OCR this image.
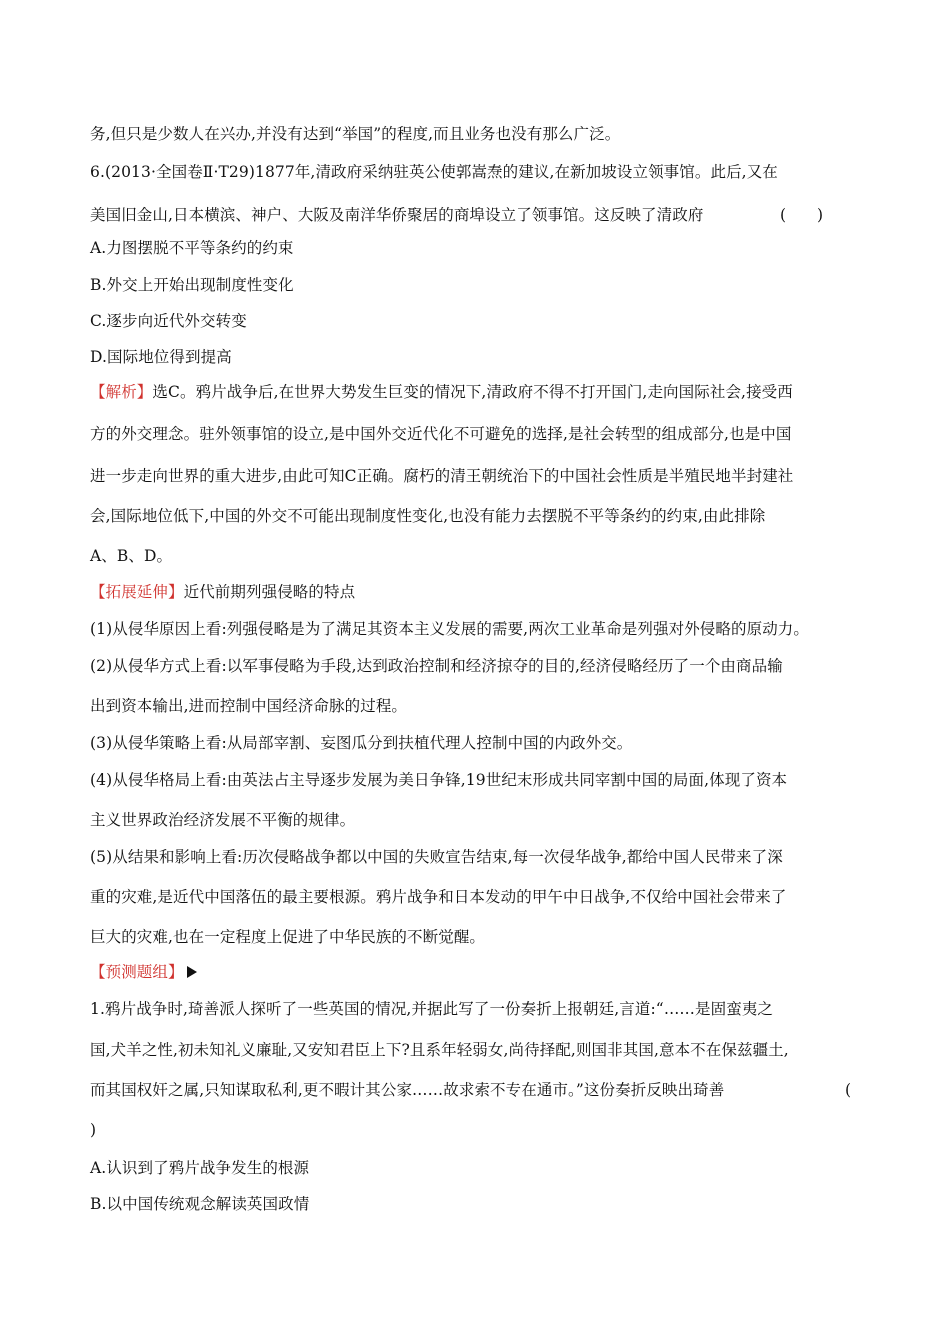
务,但只是少数人在兴办,并没有达到“举国”的程度,而且业务也没有那么广泛。
6.(2013·全国卷Ⅱ·T29)1877年,清政府采纳驻英公使郭嵩焘的建议,在新加坡设立领事馆。此后,又在
美国旧金山,日本横滨、神户、大阪及南洋华侨聚居的商埠设立了领事馆。这反映了清政府	(　　)
A.力图摆脱不平等条约的约束
B.外交上开始出现制度性变化
C.逐步向近代外交转变
D.国际地位得到提高
【解析】选C。鸦片战争后,在世界大势发生巨变的情况下,清政府不得不打开国门,走向国际社会,接受西
方的外交理念。驻外领事馆的设立,是中国外交近代化不可避免的选择,是社会转型的组成部分,也是中国
进一步走向世界的重大进步,由此可知C正确。腐朽的清王朝统治下的中国社会性质是半殖民地半封建社
会,国际地位低下,中国的外交不可能出现制度性变化,也没有能力去摆脱不平等条约的约束,由此排除
A、B、D。
【拓展延伸】近代前期列强侵略的特点
(1)从侵华原因上看:列强侵略是为了满足其资本主义发展的需要,两次工业革命是列强对外侵略的原动力。
(2)从侵华方式上看:以军事侵略为手段,达到政治控制和经济掠夺的目的,经济侵略经历了一个由商品输
出到资本输出,进而控制中国经济命脉的过程。
(3)从侵华策略上看:从局部宰割、妄图瓜分到扶植代理人控制中国的内政外交。
(4)从侵华格局上看:由英法占主导逐步发展为美日争锋,19世纪末形成共同宰割中国的局面,体现了资本
主义世界政治经济发展不平衡的规律。
(5)从结果和影响上看:历次侵略战争都以中国的失败宣告结束,每一次侵华战争,都给中国人民带来了深
重的灾难,是近代中国落伍的最主要根源。鸦片战争和日本发动的甲午中日战争,不仅给中国社会带来了
巨大的灾难,也在一定程度上促进了中华民族的不断觉醒。
【预测题组】
1.鸦片战争时,琦善派人探听了一些英国的情况,并据此写了一份奏折上报朝廷,言道:“……是固蛮夷之
国,犬羊之性,初未知礼义廉耻,又安知君臣上下?且系年轻弱女,尚待择配,则国非其国,意本不在保兹疆土,
而其国权奸之属,只知谋取私利,更不暇计其公家……故求索不专在通市。”这份奏折反映出琦善	(
)
A.认识到了鸦片战争发生的根源
B.以中国传统观念解读英国政情
